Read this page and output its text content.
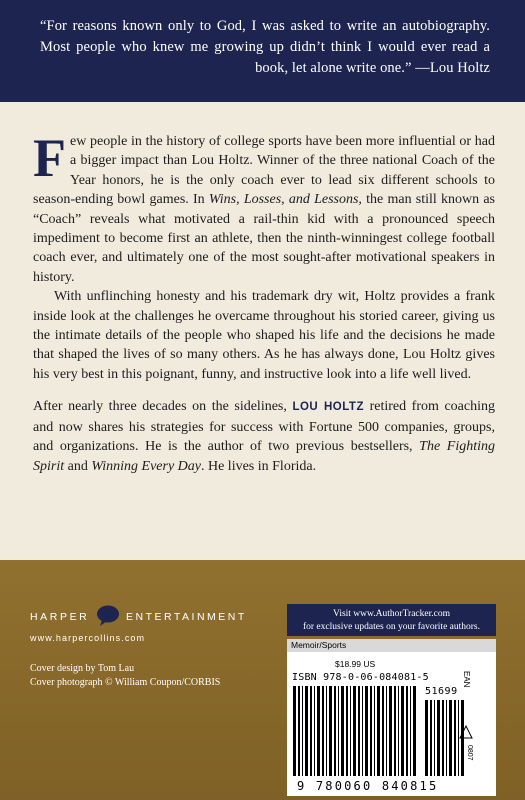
“For reasons known only to God, I was asked to write an autobiography. Most people who knew me growing up didn’t think I would ever read a book, let alone write one.” —Lou Holtz

Few people in the history of college sports have been more influential or had a bigger impact than Lou Holtz. Winner of the three national Coach of the Year honors, he is the only coach ever to lead six different schools to season-ending bowl games. In Wins, Losses, and Lessons, the man still known as “Coach” reveals what motivated a rail-thin kid with a pronounced speech impediment to become first an athlete, then the ninth-winningest college football coach ever, and ultimately one of the most sought-after motivational speakers in history.

With unflinching honesty and his trademark dry wit, Holtz provides a frank inside look at the challenges he overcame throughout his storied career, giving us the intimate details of the people who shaped his life and the decisions he made that shaped the lives of so many others. As he has always done, Lou Holtz gives his very best in this poignant, funny, and instructive look into a life well lived.

After nearly three decades on the sidelines, LOU HOLTZ retired from coaching and now shares his strategies for success with Fortune 500 companies, groups, and organizations. He is the author of two previous bestsellers, The Fighting Spirit and Winning Every Day. He lives in Florida.

HARPER	ENTERTAINMENT
www.harpercollins.com
Cover design by Tom Lau
Cover photograph © William Coupon/CORBIS
Visit www.AuthorTracker.com
for exclusive updates on your favorite authors.
Memoir/Sports
$18.99 US
ISBN 978-0-06-084081-5
51699
EAN
0807
9 780060 840815
